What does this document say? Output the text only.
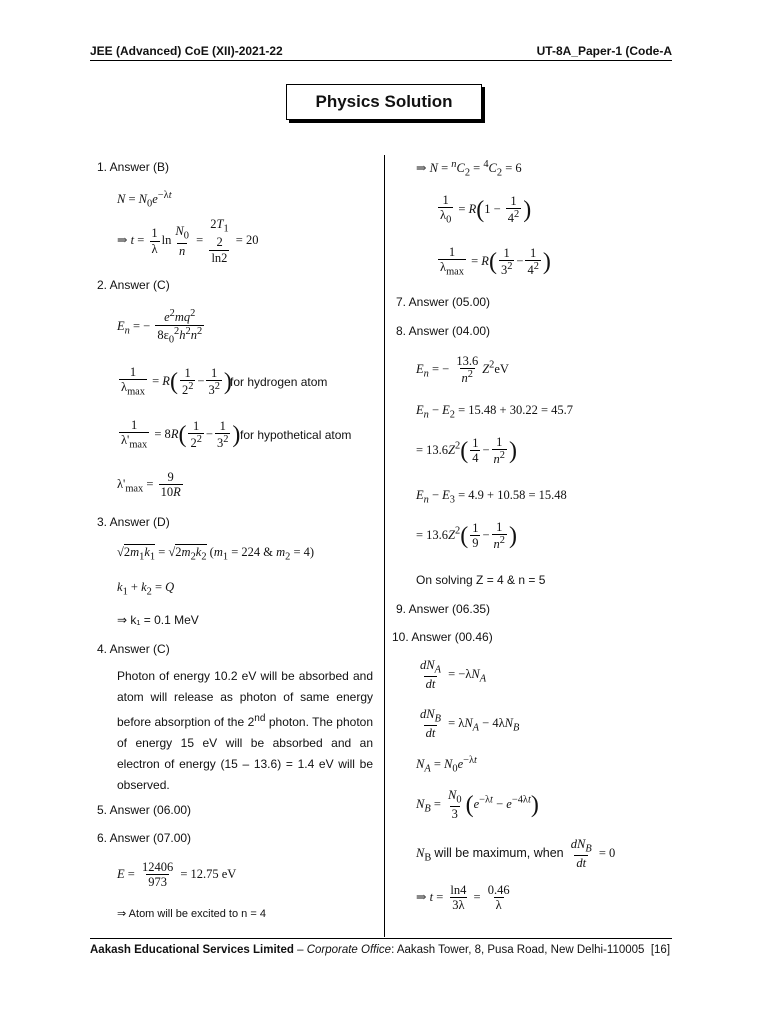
JEE (Advanced) CoE (XII)-2021-22	UT-8A_Paper-1 (Code-A
Physics Solution
1. Answer (B)
$N = N_0e^{-\lambda t}$
⇒ $t = \frac{1}{\lambda}$ $\ln \frac{N_0}{n}$ =
$2T_1$
2
ln2
= 20
2. Answer (C)
$E_n$ = − $\frac{e^2mq^2}{8\varepsilon_0^2h^2n^2}$
$\frac{1}{\lambda_{max}} = R( \frac{1}{2^2} - \frac{1}{3^2}$ )
for hydrogen atom
$\frac{1}{\lambda'_{max}} = 8R( \frac{1}{2^2} - \frac{1}{3^2}$ ) for hypothetical atom
$\lambda'_{max} = \frac{9}{10R}$
3. Answer (D)
$√2m_1k_1 = √2m_2k_2$ ($m_1 = 224$ & $m_2 = 4$)
$k_1 + k_2 = Q$
⇒ k₁ = 0.1 MeV
4. Answer (C)
Photon of energy 10.2 eV will be absorbed and atom will release as photon of same energy before absorption of the 2nd photon. The photon of energy 15 eV will be absorbed and an electron of energy (15 – 13.6) = 1.4 eV will be observed.
5. Answer (06.00)
6. Answer (07.00)
$E = \frac{12406}{973} = 12.75$ eV
⇒ Atom will be excited to n = 4
⇒ $N = ^nC_2 = ^4C_2 = 6$
$\frac{1}{\lambda_0} = R(1 - \frac{1}{4^2}$ )
$\frac{1}{\lambda_{max}} = R( \frac{1}{3^2} - \frac{1}{4^2}$ )
7. Answer (05.00)
8. Answer (04.00)
$E_n$ = − $\frac{13.6}{n^2} Z^2eV$
$E_n - E_2 = 15.48 + 30.22 = 45.7$
= $13.6Z^2( \frac{1}{4} - \frac{1}{n^2}$ )
$E_n - E_3 = 4.9 + 10.58 = 15.48$
= $13.6Z^2( \frac{1}{9} - \frac{1}{n^2}$ )
On solving Z = 4 & n = 5
9. Answer (06.35)
10. Answer (00.46)
$\frac{dN_A}{dt} = -\lambda N_A$
$\frac{dN_B}{dt} = \lambda N_A - 4\lambda N_B$
$N_A = N_0e^{-\lambda t}$
$N_B = \frac{N_0}{3} (e^{-\lambda t} - e^{-4\lambda t})$
$N_B$ will be maximum, when $\frac{dN_B}{dt} = 0$
⇒ $t = \frac{\ln 4}{3\lambda} = \frac{0.46}{\lambda}$
Aakash Educational Services Limited – Corporate Office: Aakash Tower, 8, Pusa Road, New Delhi-110005 [16]
